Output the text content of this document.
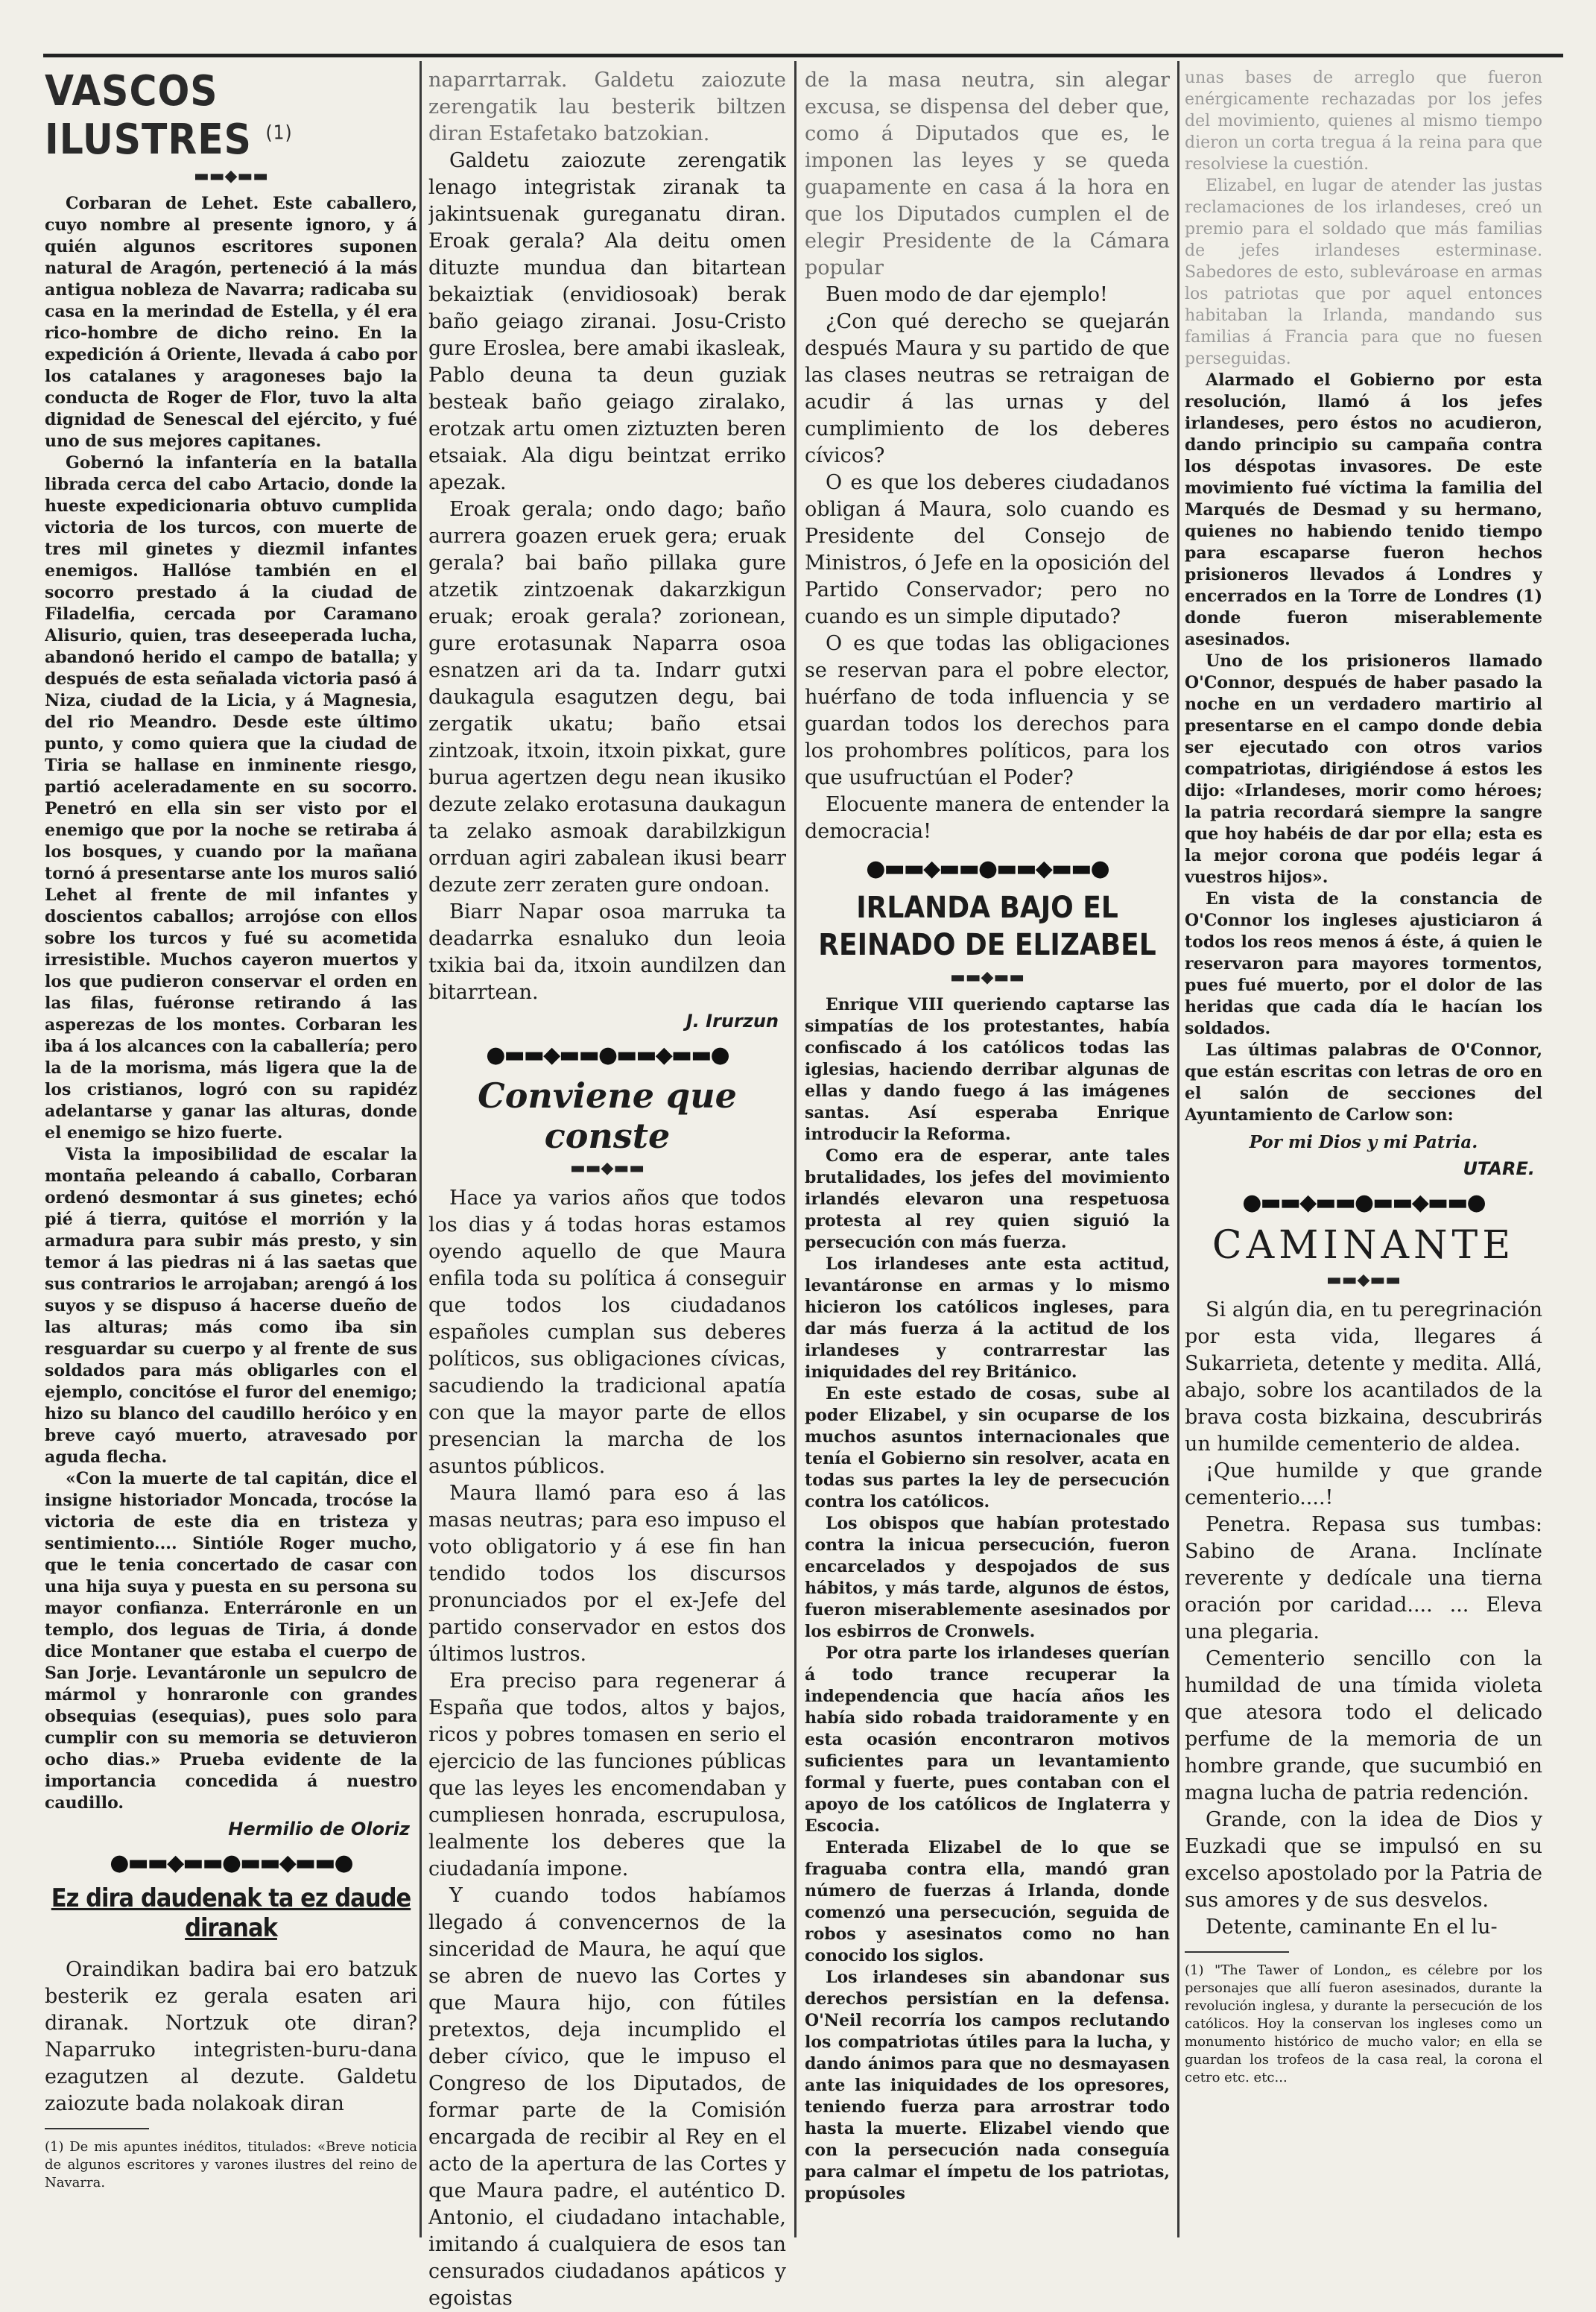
VASCOS ILUSTRES $^{(1)}$
▬▬◆▬▬

Corbaran de Lehet. Este caballero, cuyo nombre al presente ignoro, y á quién algunos escritores suponen natural de Aragón, perteneció á la más antigua nobleza de Navarra; radicaba su casa en la merindad de Estella, y él era rico-hombre de dicho reino. En la expedición á Oriente, llevada á cabo por los catalanes y aragoneses bajo la conducta de Roger de Flor, tuvo la alta dignidad de Senescal del ejército, y fué uno de sus mejores capitanes.

Gobernó la infantería en la batalla librada cerca del cabo Artacio, donde la hueste expedicionaria obtuvo cumplida victoria de los turcos, con muerte de tres mil ginetes y diezmil infantes enemigos. Hallóse también en el socorro prestado á la ciudad de Filadelfia, cercada por Caramano Alisurio, quien, tras deseeperada lucha, abandonó herido el campo de batalla; y después de esta señalada victoria pasó á Niza, ciudad de la Licia, y á Magnesia, del rio Meandro. Desde este último punto, y como quiera que la ciudad de Tiria se hallase en inminente riesgo, partió aceleradamente en su socorro. Penetró en ella sin ser visto por el enemigo que por la noche se retiraba á los bosques, y cuando por la mañana tornó á presentarse ante los muros salió Lehet al frente de mil infantes y doscientos caballos; arrojóse con ellos sobre los turcos y fué su acometida irresistible. Muchos cayeron muertos y los que pudieron conservar el orden en las filas, fuéronse retirando á las asperezas de los montes. Corbaran les iba á los alcances con la caballería; pero la de la morisma, más ligera que la de los cristianos, logró con su rapidéz adelantarse y ganar las alturas, donde el enemigo se hizo fuerte.

Vista la imposibilidad de escalar la montaña peleando á caballo, Corbaran ordenó desmontar á sus ginetes; echó pié á tierra, quitóse el morrión y la armadura para subir más presto, y sin temor á las piedras ni á las saetas que sus contrarios le arrojaban; arengó á los suyos y se dispuso á hacerse dueño de las alturas; más como iba sin resguardar su cuerpo y al frente de sus soldados para más obligarles con el ejemplo, concitóse el furor del enemigo; hizo su blanco del caudillo heróico y en breve cayó muerto, atravesado por aguda flecha.

«Con la muerte de tal capitán, dice el insigne historiador Moncada, trocóse la victoria de este dia en tristeza y sentimiento.... Sintióle Roger mucho, que le tenia concertado de casar con una hija suya y puesta en su persona su mayor confianza. Enterráronle en un templo, dos leguas de Tiria, á donde dice Montaner que estaba el cuerpo de San Jorje. Levantáronle un sepulcro de mármol y honraronle con grandes obsequias (esequias), pues solo para cumplir con su memoria se detuvieron ocho dias.» Prueba evidente de la importancia concedida á nuestro caudillo.

Hermilio de Oloriz
●▬▬◆▬▬●▬▬◆▬▬●
Ez dira daudenak ta ez daude diranak

Oraindikan badira bai ero batzuk besterik ez gerala esaten ari diranak. Nortzuk ote diran? Naparruko integristen-buru-dana ezagutzen al dezute. Galdetu zaiozute bada nolakoak diran

(1) De mis apuntes inéditos, titulados: «Breve noticia de algunos escritores y varones ilustres del reino de Navarra.

naparrtarrak. Galdetu zaiozute zerengatik lau besterik biltzen diran Estafetako batzokian.

Galdetu zaiozute zerengatik lenago integristak ziranak ta jakintsuenak gureganatu diran. Eroak gerala? Ala deitu omen dituzte mundua dan bitartean bekaiztiak (envidiosoak) berak baño geiago ziranai. Josu-Cristo gure Eroslea, bere amabi ikasleak, Pablo deuna ta deun guziak besteak baño geiago ziralako, erotzak artu omen ziztuzten beren etsaiak. Ala digu beintzat erriko apezak.

Eroak gerala; ondo dago; baño aurrera goazen eruek gera; eruak gerala? bai baño pillaka gure atzetik zintzoenak dakarzkigun eruak; eroak gerala? zorionean, gure erotasunak Naparra osoa esnatzen ari da ta. Indarr gutxi daukagula esagutzen degu, bai zergatik ukatu; baño etsai zintzoak, itxoin, itxoin pixkat, gure burua agertzen degu nean ikusiko dezute zelako erotasuna daukagun ta zelako asmoak darabilzkigun orrduan agiri zabalean ikusi bearr dezute zerr zeraten gure ondoan.

Biarr Napar osoa marruka ta deadarrka esnaluko dun leoia txikia bai da, itxoin aundilzen dan bitarrtean.

J. Irurzun
●▬▬◆▬▬●▬▬◆▬▬●
Conviene que conste
▬▬◆▬▬

Hace ya varios años que todos los dias y á todas horas estamos oyendo aquello de que Maura enfila toda su política á conseguir que todos los ciudadanos españoles cumplan sus deberes políticos, sus obligaciones cívicas, sacudiendo la tradicional apatía con que la mayor parte de ellos presencian la marcha de los asuntos públicos.

Maura llamó para eso á las masas neutras; para eso impuso el voto obligatorio y á ese fin han tendido todos los discursos pronunciados por el ex-Jefe del partido conservador en estos dos últimos lustros.

Era preciso para regenerar á España que todos, altos y bajos, ricos y pobres tomasen en serio el ejercicio de las funciones públicas que las leyes les encomendaban y cumpliesen honrada, escrupulosa, lealmente los deberes que la ciudadanía impone.

Y cuando todos habíamos llegado á convencernos de la sinceridad de Maura, he aquí que se abren de nuevo las Cortes y que Maura hijo, con fútiles pretextos, deja incumplido el deber cívico, que le impuso el Congreso de los Diputados, de formar parte de la Comisión encargada de recibir al Rey en el acto de la apertura de las Cortes y que Maura padre, el auténtico D. Antonio, el ciudadano intachable, imitando á cualquiera de esos tan censurados ciudadanos apáticos y egoistas

de la masa neutra, sin alegar excusa, se dispensa del deber que, como á Diputados que es, le imponen las leyes y se queda guapamente en casa á la hora en que los Diputados cumplen el de elegir Presidente de la Cámara popular

Buen modo de dar ejemplo!

¿Con qué derecho se quejarán después Maura y su partido de que las clases neutras se retraigan de acudir á las urnas y del cumplimiento de los deberes cívicos?

O es que los deberes ciudadanos obligan á Maura, solo cuando es Presidente del Consejo de Ministros, ó Jefe en la oposición del Partido Conservador; pero no cuando es un simple diputado?

O es que todas las obligaciones se reservan para el pobre elector, huérfano de toda influencia y se guardan todos los derechos para los prohombres políticos, para los que usufructúan el Poder?

Elocuente manera de entender la democracia!

●▬▬◆▬▬●▬▬◆▬▬●
IRLANDA BAJO EL REINADO DE ELIZABEL
▬▬◆▬▬

Enrique VIII queriendo captarse las simpatías de los protestantes, había confiscado á los católicos todas las iglesias, haciendo derribar algunas de ellas y dando fuego á las imágenes santas. Así esperaba Enrique introducir la Reforma.

Como era de esperar, ante tales brutalidades, los jefes del movimiento irlandés elevaron una respetuosa protesta al rey quien siguió la persecución con más fuerza.

Los irlandeses ante esta actitud, levantáronse en armas y lo mismo hicieron los católicos ingleses, para dar más fuerza á la actitud de los irlandeses y contrarrestar las iniquidades del rey Británico.

En este estado de cosas, sube al poder Elizabel, y sin ocuparse de los muchos asuntos internacionales que tenía el Gobierno sin resolver, acata en todas sus partes la ley de persecución contra los católicos.

Los obispos que habían protestado contra la inicua persecución, fueron encarcelados y despojados de sus hábitos, y más tarde, algunos de éstos, fueron miserablemente asesinados por los esbirros de Cronwels.

Por otra parte los irlandeses querían á todo trance recuperar la independencia que hacía años les había sido robada traidoramente y en esta ocasión encontraron motivos suficientes para un levantamiento formal y fuerte, pues contaban con el apoyo de los católicos de Inglaterra y Escocia.

Enterada Elizabel de lo que se fraguaba contra ella, mandó gran número de fuerzas á Irlanda, donde comenzó una persecución, seguida de robos y asesinatos como no han conocido los siglos.

Los irlandeses sin abandonar sus derechos persistían en la defensa. O'Neil recorría los campos reclutando los compatriotas útiles para la lucha, y dando ánimos para que no desmayasen ante las iniquidades de los opresores, teniendo fuerza para arrostrar todo hasta la muerte. Elizabel viendo que con la persecución nada conseguía para calmar el ímpetu de los patriotas, propúsoles

unas bases de arreglo que fueron enérgicamente rechazadas por los jefes del movimiento, quienes al mismo tiempo dieron un corta tregua á la reina para que resolviese la cuestión.

Elizabel, en lugar de atender las justas reclamaciones de los irlandeses, creó un premio para el soldado que más familias de jefes irlandeses esterminase. Sabedores de esto, sublevároase en armas los patriotas que por aquel entonces habitaban la Irlanda, mandando sus familias á Francia para que no fuesen perseguidas.

Alarmado el Gobierno por esta resolución, llamó á los jefes irlandeses, pero éstos no acudieron, dando principio su campaña contra los déspotas invasores. De este movimiento fué víctima la familia del Marqués de Desmad y su hermano, quienes no habiendo tenido tiempo para escaparse fueron hechos prisioneros llevados á Londres y encerrados en la Torre de Londres (1) donde fueron miserablemente asesinados.

Uno de los prisioneros llamado O'Connor, después de haber pasado la noche en un verdadero martirio al presentarse en el campo donde debia ser ejecutado con otros varios compatriotas, dirigiéndose á estos les dijo: «Irlandeses, morir como héroes; la patria recordará siempre la sangre que hoy habéis de dar por ella; esta es la mejor corona que podéis legar á vuestros hijos».

En vista de la constancia de O'Connor los ingleses ajusticiaron á todos los reos menos á éste, á quien le reservaron para mayores tormentos, pues fué muerto, por el dolor de las heridas que cada día le hacían los soldados.

Las últimas palabras de O'Connor, que están escritas con letras de oro en el salón de secciones del Ayuntamiento de Carlow son:

Por mi Dios y mi Patria.
UTARE.
●▬▬◆▬▬●▬▬◆▬▬●
CAMINANTE
▬▬◆▬▬

Si algún dia, en tu peregrinación por esta vida, llegares á Sukarrieta, detente y medita. Allá, abajo, sobre los acantilados de la brava costa bizkaina, descubrirás un humilde cementerio de aldea.

¡Que humilde y que grande cementerio....!

Penetra. Repasa sus tumbas: Sabino de Arana. Inclínate reverente y dedícale una tierna oración por caridad.... ... Eleva una plegaria.

Cementerio sencillo con la humildad de una tímida violeta que atesora todo el delicado perfume de la memoria de un hombre grande, que sucumbió en magna lucha de patria redención.

Grande, con la idea de Dios y Euzkadi que se impulsó en su excelso apostolado por la Patria de sus amores y de sus desvelos.

Detente, caminante En el lu-

(1) "The Tawer of London„ es célebre por los personajes que allí fueron asesinados, durante la revolución inglesa, y durante la persecución de los católicos. Hoy la conservan los ingleses como un monumento histórico de mucho valor; en ella se guardan los trofeos de la casa real, la corona el cetro etc. etc...
